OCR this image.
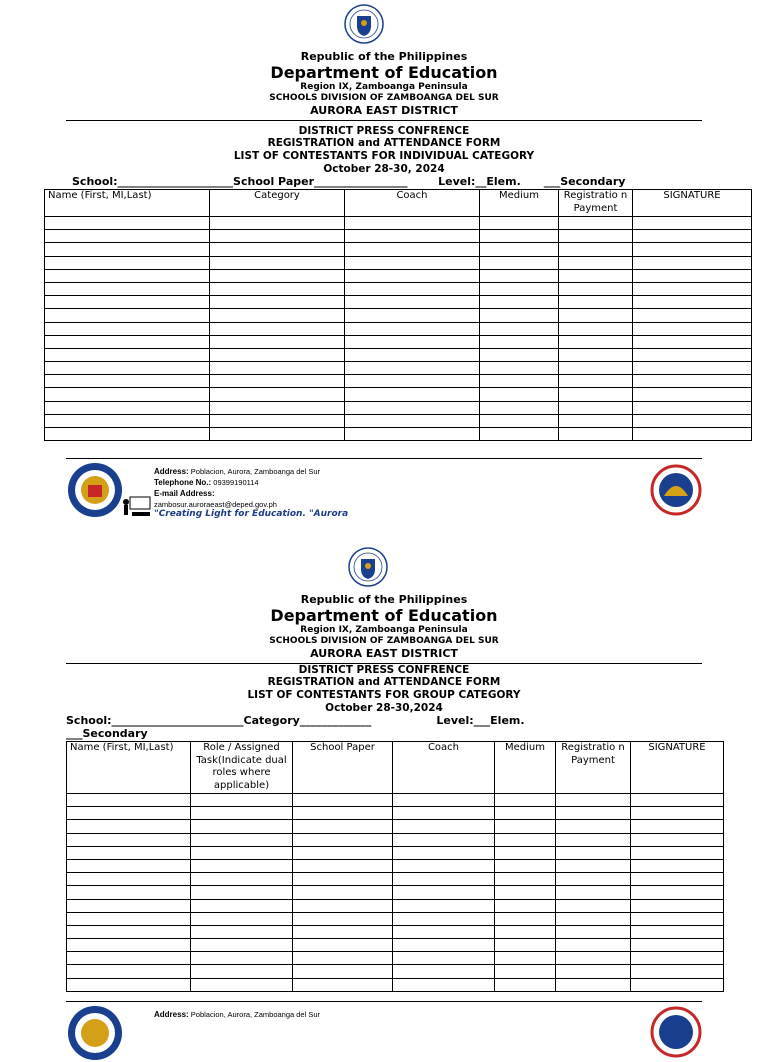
Republic of the Philippines
Department of Education
Region IX, Zamboanga Peninsula
SCHOOLS DIVISION OF ZAMBOANGA DEL SUR
AURORA EAST DISTRICT
DISTRICT PRESS CONFRENCE
REGISTRATION and ATTENDANCE FORM
LIST OF CONTESTANTS FOR INDIVIDUAL CATEGORY
October 28-30, 2024
School:_____________________School Paper_________________        Level:__Elem.      ___Secondary
Name (First, MI,Last)	Category	Coach	Medium	Registratio n Payment	SIGNATURE

Address: Poblacion, Aurora, Zamboanga del Sur
Telephone No.: 09399190114
E-mail Address:
zambosur.auroraeast@deped.gov.ph
"Creating Light for Education. "Aurora
Republic of the Philippines
Department of Education
Region IX, Zamboanga Peninsula
SCHOOLS DIVISION OF ZAMBOANGA DEL SUR
AURORA EAST DISTRICT
DISTRICT PRESS CONFRENCE
REGISTRATION and ATTENDANCE FORM
LIST OF CONTESTANTS FOR GROUP CATEGORY
October 28-30,2024
School:________________________Category_____________                 Level:___Elem.
___Secondary
Name (First, MI,Last)	Role / Assigned Task(Indicate dual roles where applicable)	School Paper	Coach	Medium	Registratio n Payment	SIGNATURE

Address: Poblacion, Aurora, Zamboanga del Sur
